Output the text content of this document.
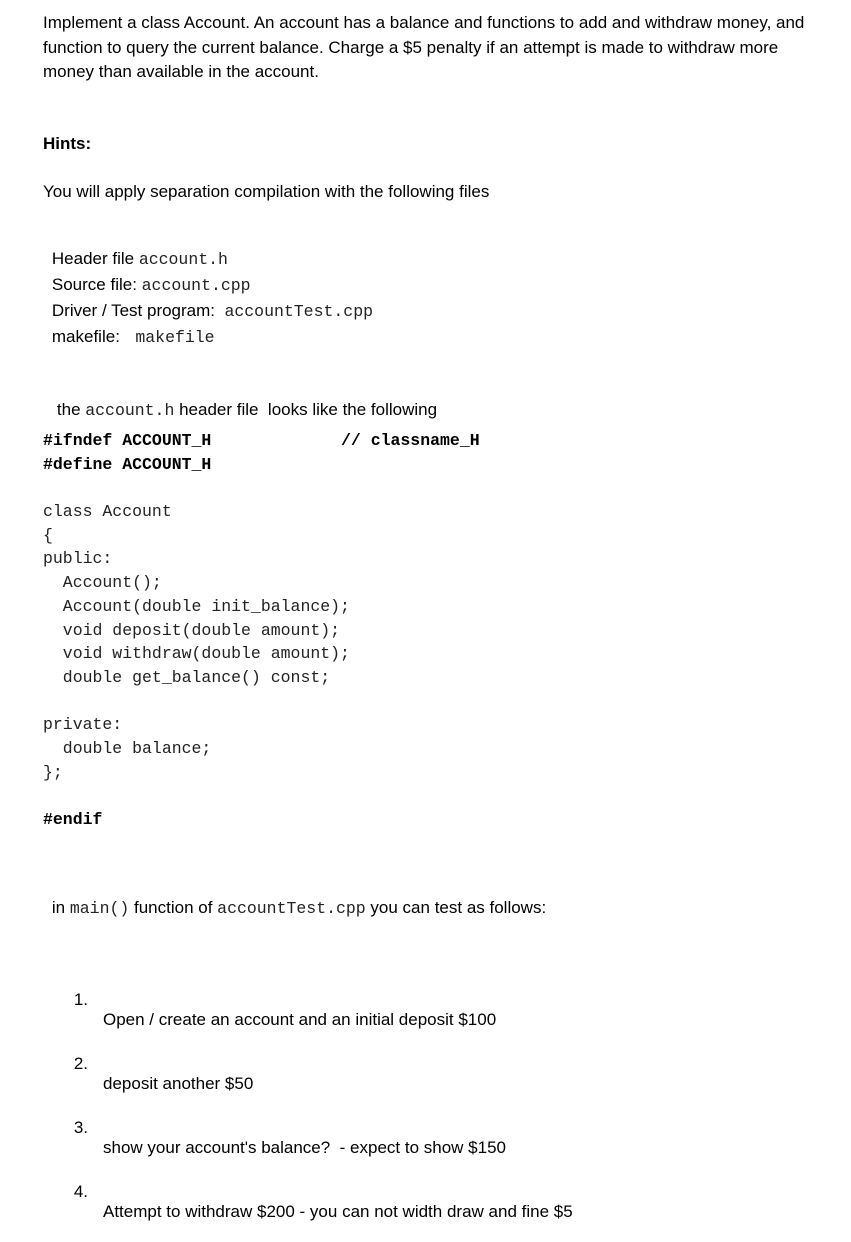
Implement a class Account. An account has a balance and functions to add and withdraw money, and function to query the current balance. Charge a $5 penalty if an attempt is made to withdraw more money than available in the account.
Hints:
You will apply separation compilation with the following files

Header file account.h

Source file: account.cpp

Driver / Test program:  accountTest.cpp

makefile:  makefile

the account.h header file  looks like the following

#ifndef ACCOUNT_H	// classname_H
#define ACCOUNT_H
class Account
{
public:
Account();
Account(double init_balance);
void deposit(double amount);
void withdraw(double amount);
double get_balance() const;
private:
double balance;
};
#endif

in main() function of accountTest.cpp you can test as follows:

1.

Open / create an account and an initial deposit $100

2.

deposit another $50

3.

show your account's balance?  - expect to show $150

4.

Attempt to withdraw $200 - you can not width draw and fine $5
